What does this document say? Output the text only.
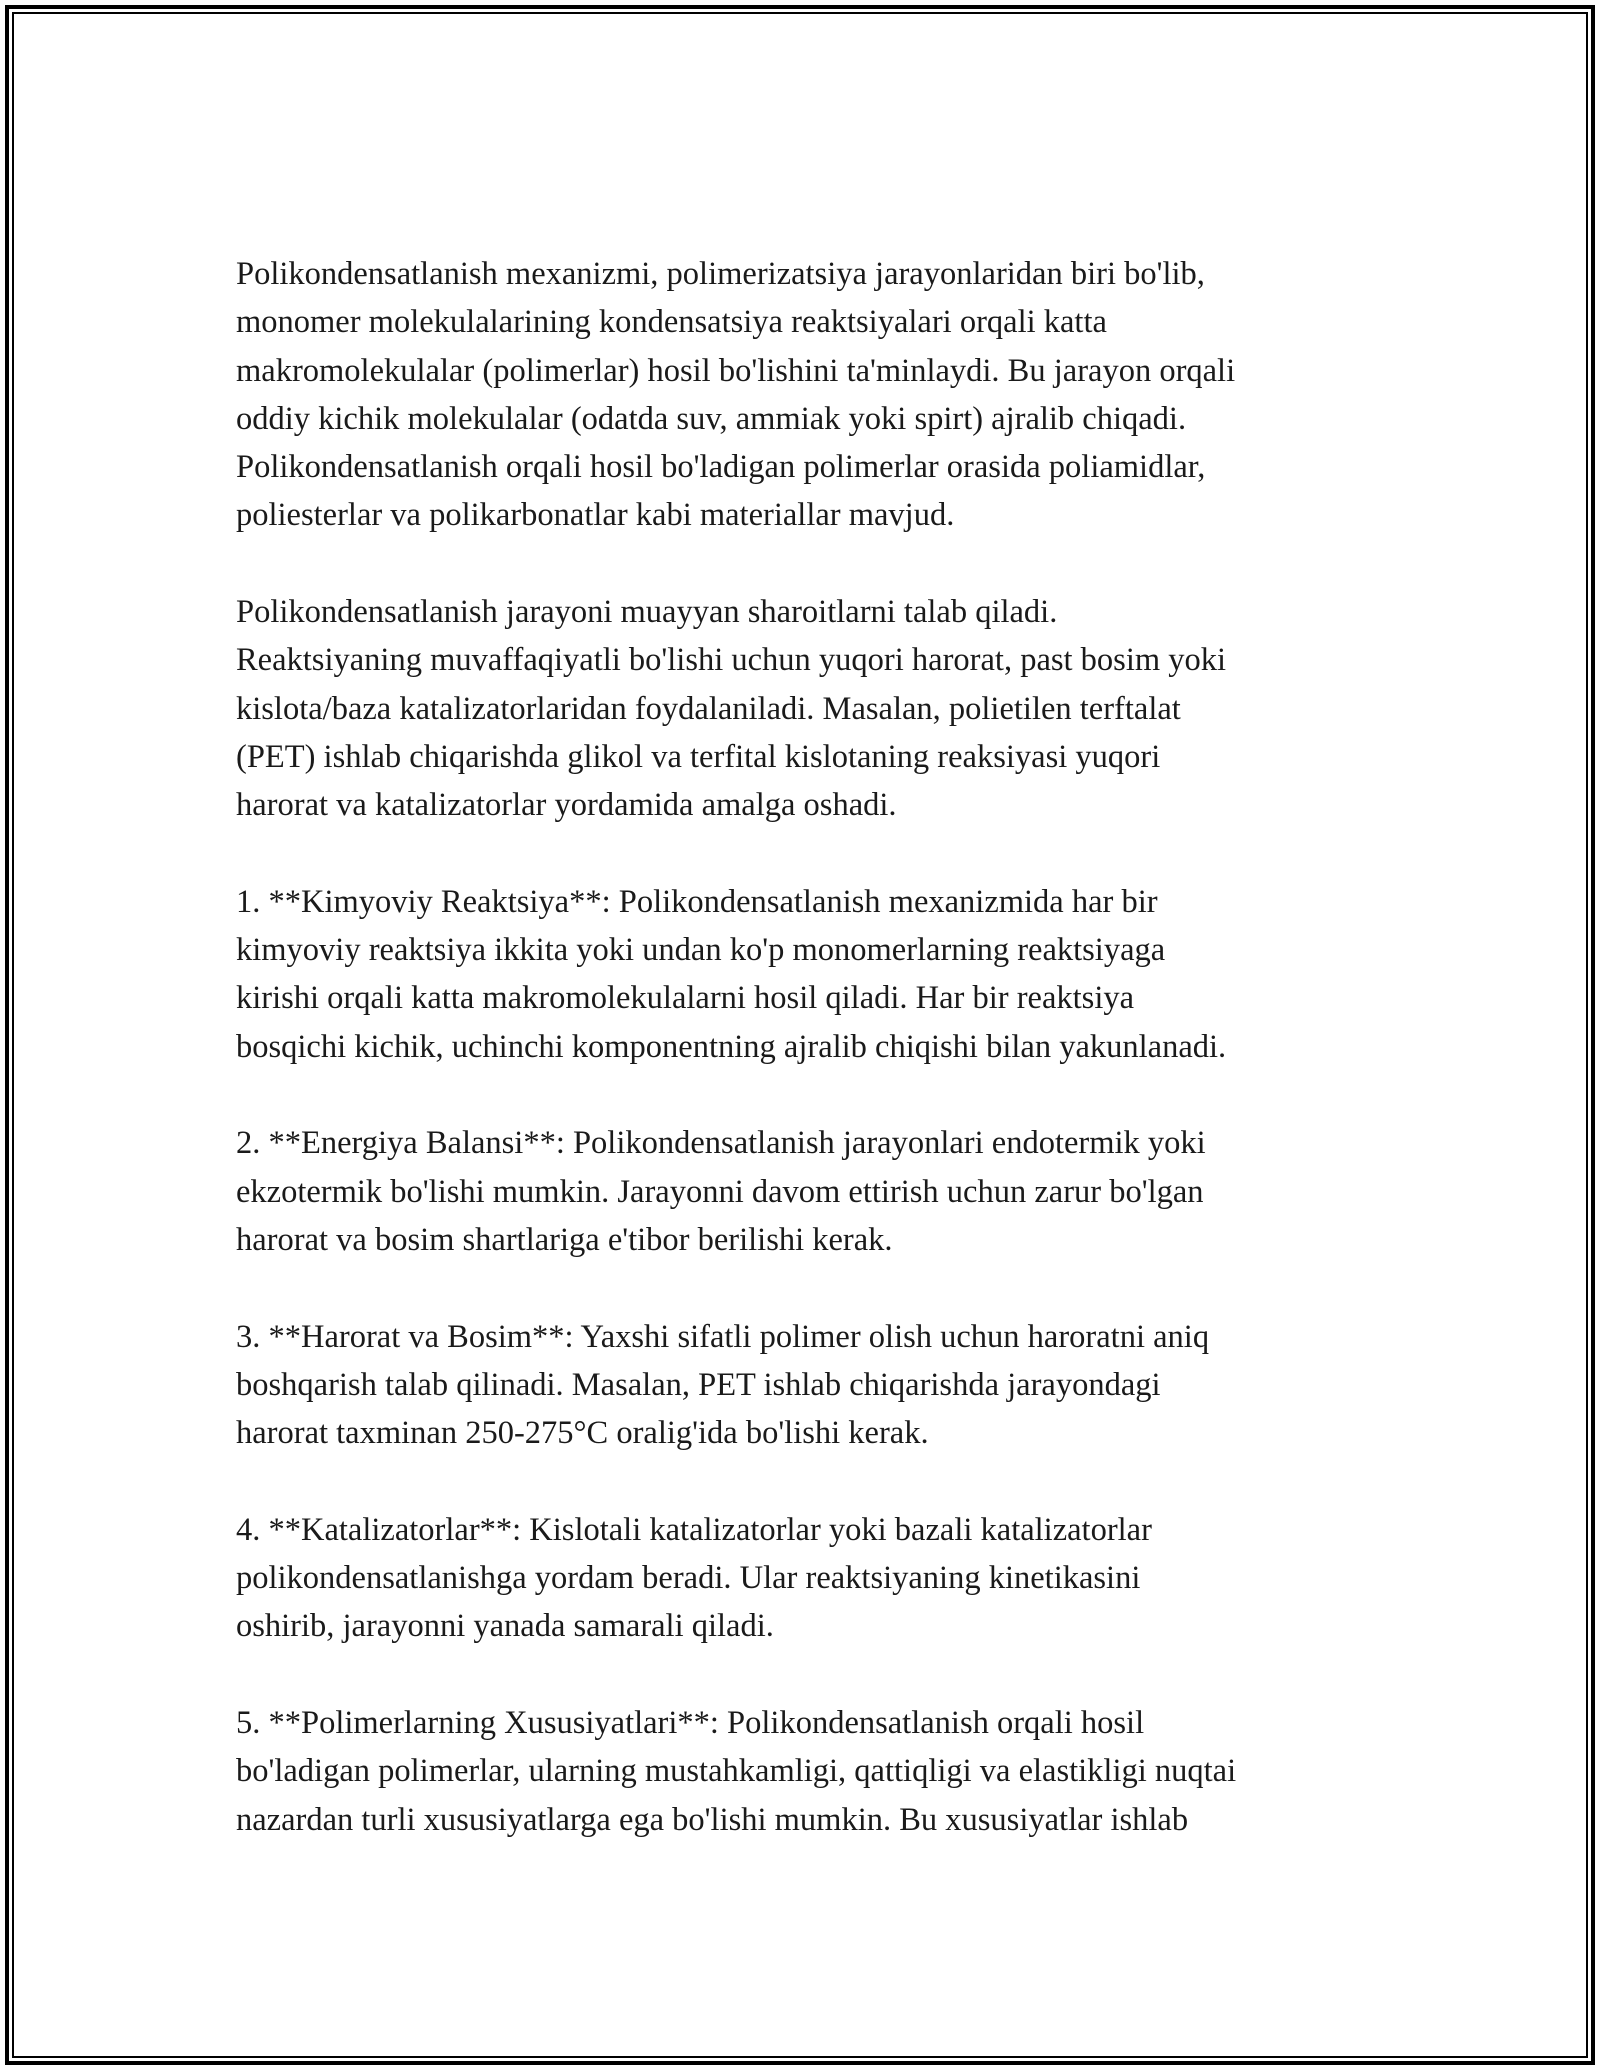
Polikondensatlanish mexanizmi, polimerizatsiya jarayonlaridan biri bo'lib,
monomer molekulalarining kondensatsiya reaktsiyalari orqali katta
makromolekulalar (polimerlar) hosil bo'lishini ta'minlaydi. Bu jarayon orqali
oddiy kichik molekulalar (odatda suv, ammiak yoki spirt) ajralib chiqadi.
Polikondensatlanish orqali hosil bo'ladigan polimerlar orasida poliamidlar,
poliesterlar va polikarbonatlar kabi materiallar mavjud.
Polikondensatlanish jarayoni muayyan sharoitlarni talab qiladi.
Reaktsiyaning muvaffaqiyatli bo'lishi uchun yuqori harorat, past bosim yoki
kislota/baza katalizatorlaridan foydalaniladi. Masalan, polietilen terftalat
(PET) ishlab chiqarishda glikol va terfital kislotaning reaksiyasi yuqori
harorat va katalizatorlar yordamida amalga oshadi.
1. **Kimyoviy Reaktsiya**: Polikondensatlanish mexanizmida har bir
kimyoviy reaktsiya ikkita yoki undan ko'p monomerlarning reaktsiyaga
kirishi orqali katta makromolekulalarni hosil qiladi. Har bir reaktsiya
bosqichi kichik, uchinchi komponentning ajralib chiqishi bilan yakunlanadi.
2. **Energiya Balansi**: Polikondensatlanish jarayonlari endotermik yoki
ekzotermik bo'lishi mumkin. Jarayonni davom ettirish uchun zarur bo'lgan
harorat va bosim shartlariga e'tibor berilishi kerak.
3. **Harorat va Bosim**: Yaxshi sifatli polimer olish uchun haroratni aniq
boshqarish talab qilinadi. Masalan, PET ishlab chiqarishda jarayondagi
harorat taxminan 250-275°C oralig'ida bo'lishi kerak.
4. **Katalizatorlar**: Kislotali katalizatorlar yoki bazali katalizatorlar
polikondensatlanishga yordam beradi. Ular reaktsiyaning kinetikasini
oshirib, jarayonni yanada samarali qiladi.
5. **Polimerlarning Xususiyatlari**: Polikondensatlanish orqali hosil
bo'ladigan polimerlar, ularning mustahkamligi, qattiqligi va elastikligi nuqtai
nazardan turli xususiyatlarga ega bo'lishi mumkin. Bu xususiyatlar ishlab
